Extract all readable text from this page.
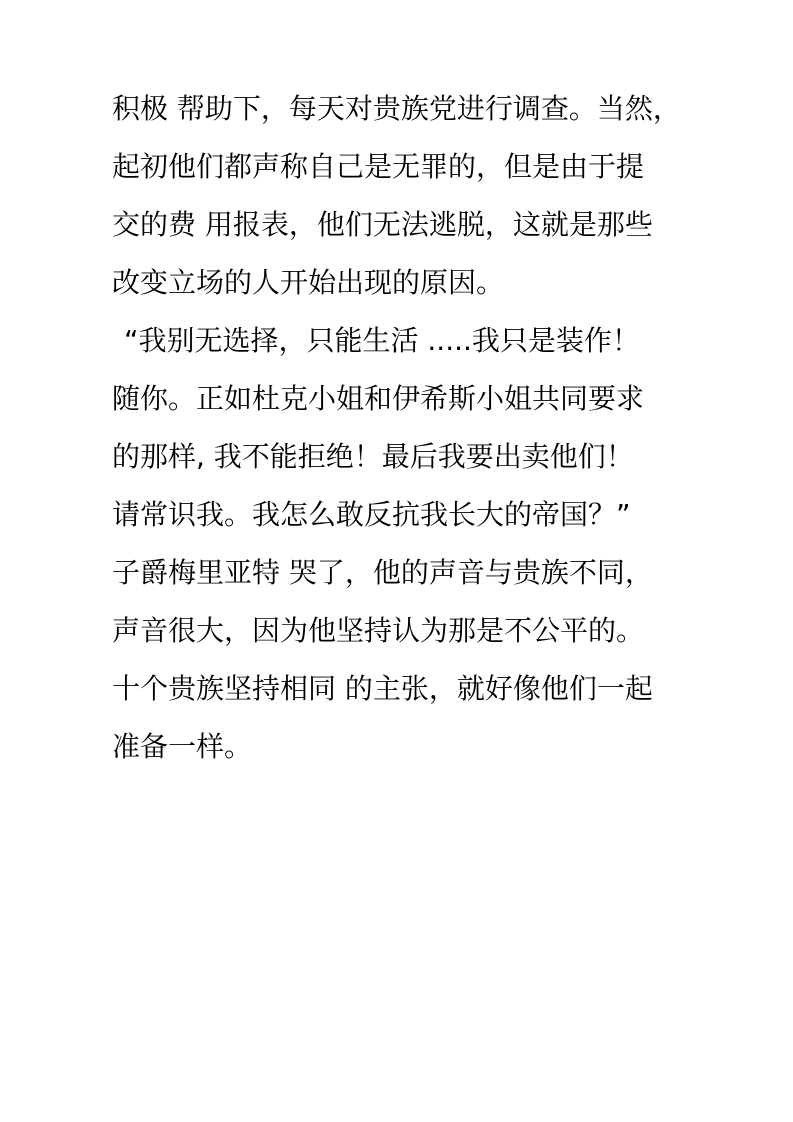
积极 帮助下，每天对贵族党进行调查。当然，
起初他们都声称自己是无罪的，但是由于提
交的费 用报表，他们无法逃脱，这就是那些
改变立场的人开始出现的原因。
“我别无选择，只能生活 .....我只是装作！
随你。正如杜克小姐和伊希斯小姐共同要求
的那样, 我不能拒绝！最后我要出卖他们！
请常识我。我怎么敢反抗我长大的帝国？”
子爵梅里亚特 哭了，他的声音与贵族不同，
声音很大，因为他坚持认为那是不公平的。
十个贵族坚持相同 的主张，就好像他们一起
准备一样。
